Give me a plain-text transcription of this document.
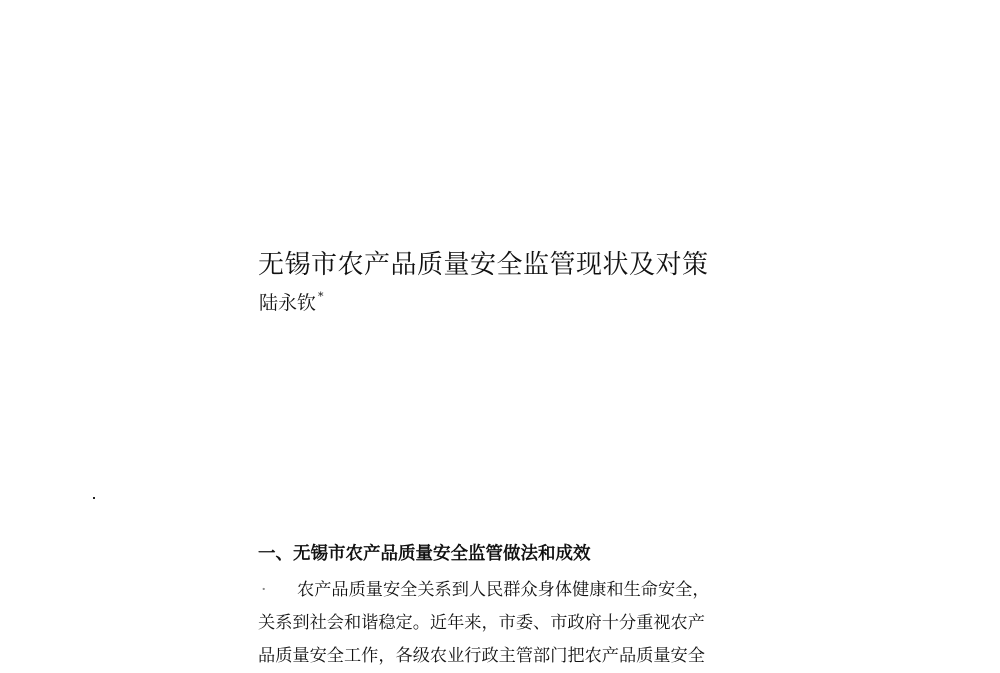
无锡市农产品质量安全监管现状及对策
陆永钦 *
一、无锡市农产品质量安全监管做法和成效
· 农产品质量安全关系到人民群众身体健康和生命安全，
关系到社会和谐稳定。近年来，市委、市政府十分重视农产
品质量安全工作，各级农业行政主管部门把农产品质量安全
